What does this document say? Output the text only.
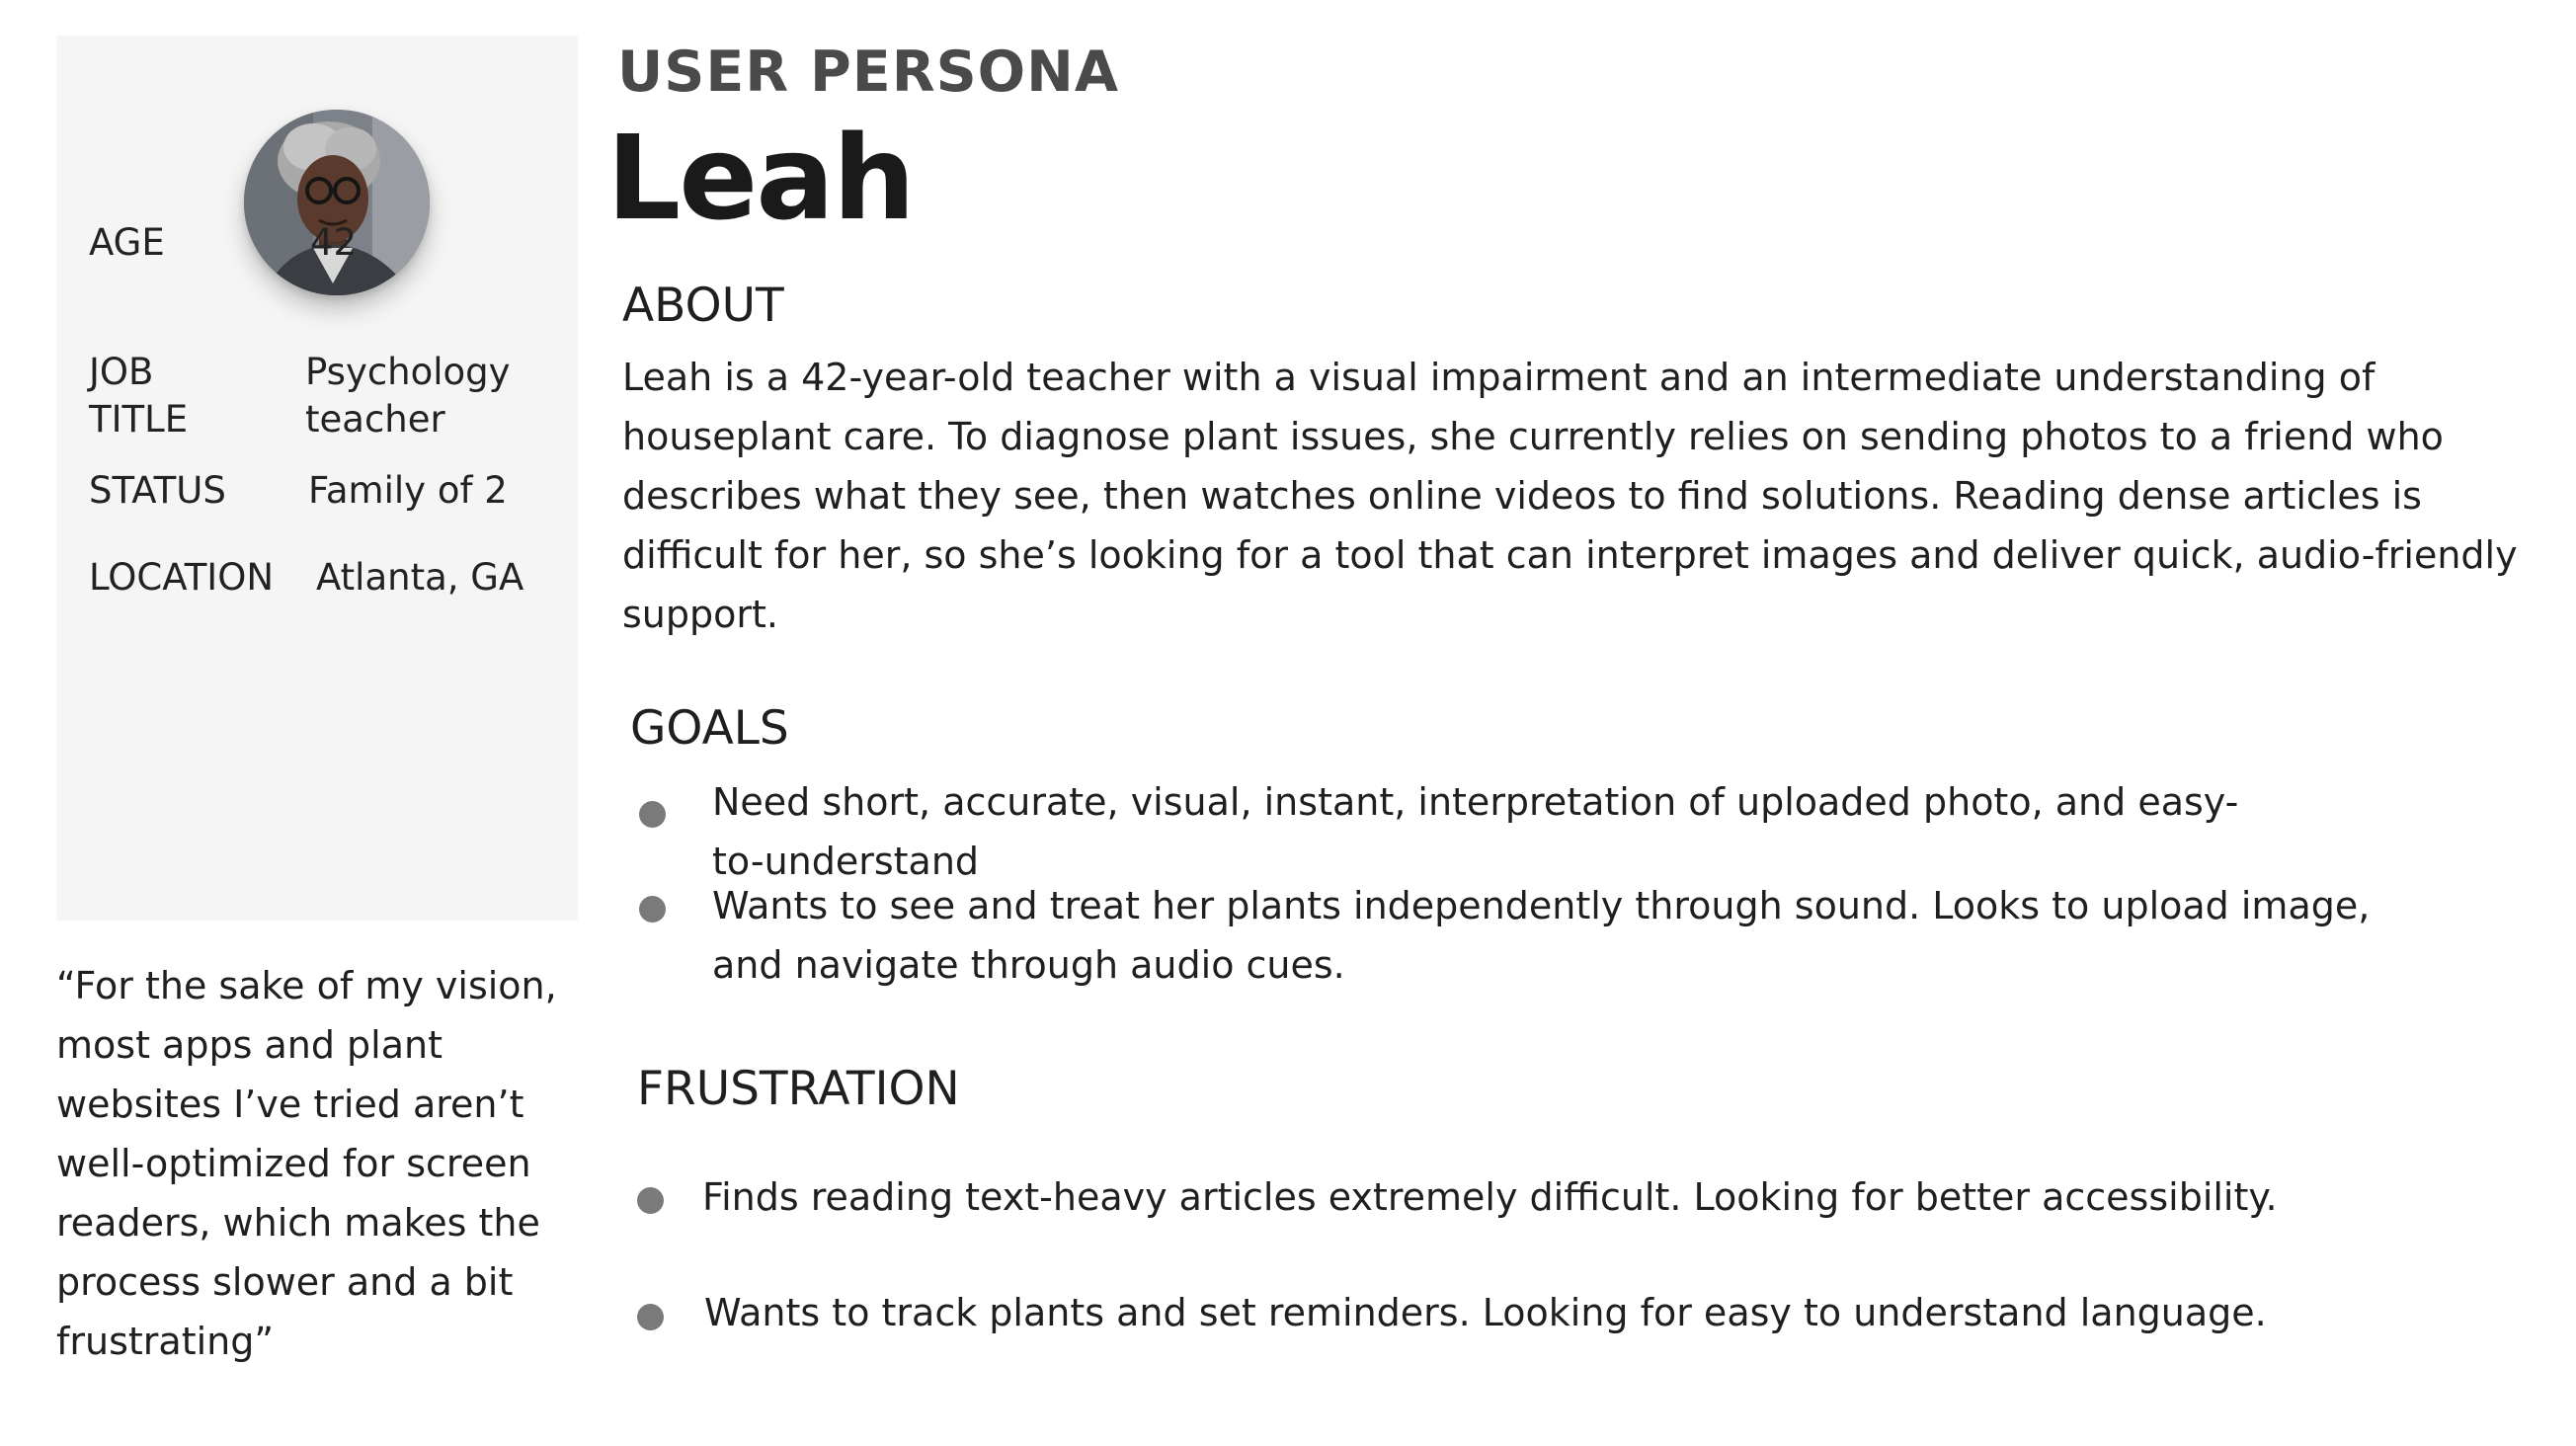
AGE	42
JOB
TITLE
Psychology
teacher
STATUS Family of 2
LOCATION Atlanta, GA
“For the sake of my vision, most apps and plant websites I’ve tried aren’t well-optimized for screen readers, which makes the process slower and a bit frustrating”
USER PERSONA
Leah
ABOUT
Leah is a 42-year-old teacher with a visual impairment and an intermediate understanding of houseplant care. To diagnose plant issues, she currently relies on sending photos to a friend who describes what they see, then watches online videos to find solutions. Reading dense articles is difficult for her, so she’s looking for a tool that can interpret images and deliver quick, audio-friendly support.
GOALS
Need short, accurate, visual, instant, interpretation of uploaded photo, and easy-to-understand
Wants to see and treat her plants independently through sound. Looks to upload image, and navigate through audio cues.
FRUSTRATION
Finds reading text-heavy articles extremely difficult. Looking for better accessibility.
Wants to track plants and set reminders. Looking for easy to understand language.
